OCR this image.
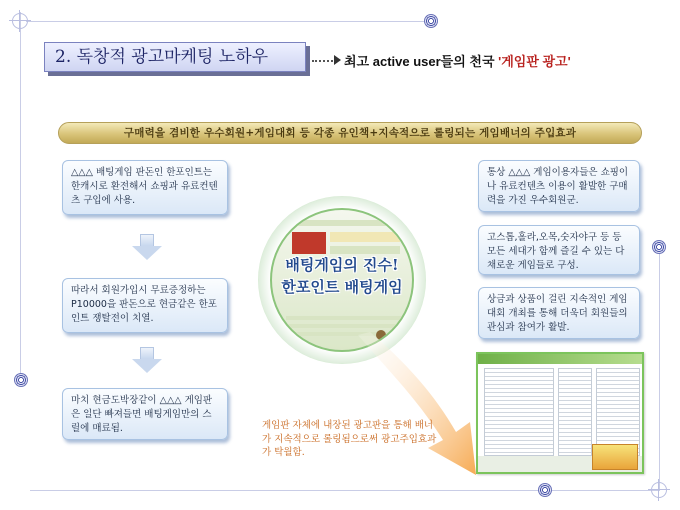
2. 독창적 광고마케팅 노하우	최고 active user들의 천국 '게임판 광고'
구매력을 겸비한 우수회원+게임대회 등 각종 유인책+지속적으로 롤링되는 게임배너의 주입효과
△△△ 배팅게임 판돈인 한포인트는 한캐시로 환전해서 쇼핑과 유료컨텐츠 구입에 사용.
따라서 회원가입시 무료증정하는 P10000을 판돈으로 현금같은 한포인트 쟁탈전이 치열.
마치 현금도박장같이 △△△ 게임판은 일단 빠져들면 배팅게임만의 스릴에 매료됨.
통상 △△△ 게임이용자들은 쇼핑이나 유료컨텐츠 이용이 활발한 구매력을 가진 우수회원군.
고스톱,홀라,오목,숫자야구 등 등 모든 세대가 함께 즐길 수 있는 다채로운 게임들로 구성.
상금과 상품이 걸린 지속적인 게임대회 개최를 통해 더욱더 회원들의 관심과 참여가 활발.
배팅게임의 진수!
한포인트 배팅게임
게임판 자체에 내장된 광고판을 통해 배너가 지속적으로 롤링됨으로써 광고주입효과가 탁월함.
